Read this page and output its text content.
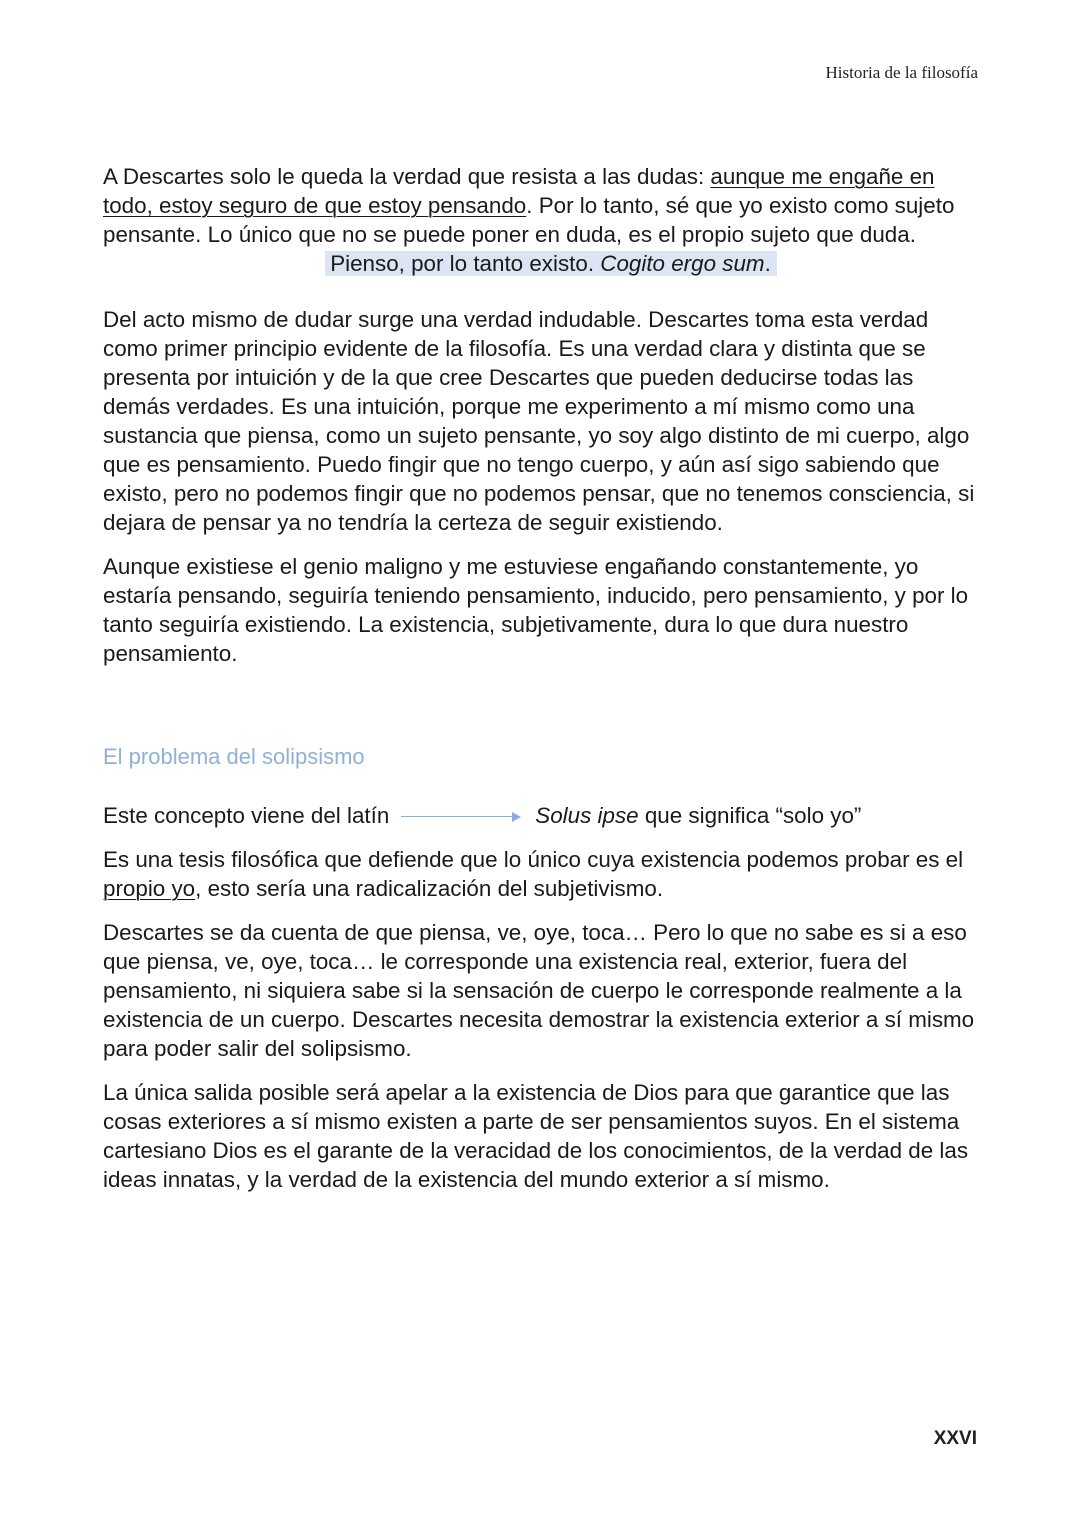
Historia de la filosofía

A Descartes solo le queda la verdad que resista a las dudas: aunque me engañe en todo, estoy seguro de que estoy pensando. Por lo tanto, sé que yo existo como sujeto pensante. Lo único que no se puede poner en duda, es el propio sujeto que duda.

Pienso, por lo tanto existo. Cogito ergo sum.

Del acto mismo de dudar surge una verdad indudable. Descartes toma esta verdad como primer principio evidente de la filosofía. Es una verdad clara y distinta que se presenta por intuición y de la que cree Descartes que pueden deducirse todas las demás verdades. Es una intuición, porque me experimento a mí mismo como una sustancia que piensa, como un sujeto pensante, yo soy algo distinto de mi cuerpo, algo que es pensamiento. Puedo fingir que no tengo cuerpo, y aún así sigo sabiendo que existo, pero no podemos fingir que no podemos pensar, que no tenemos consciencia, si dejara de pensar ya no tendría la certeza de seguir existiendo.

Aunque existiese el genio maligno y me estuviese engañando constantemente, yo estaría pensando, seguiría teniendo pensamiento, inducido, pero pensamiento, y por lo tanto seguiría existiendo. La existencia, subjetivamente, dura lo que dura nuestro pensamiento.

El problema del solipsismo

Este concepto viene del latín	Solus ipse que significa “solo yo”

Es una tesis filosófica que defiende que lo único cuya existencia podemos probar es el propio yo, esto sería una radicalización del subjetivismo.

Descartes se da cuenta de que piensa, ve, oye, toca… Pero lo que no sabe es si a eso que piensa, ve, oye, toca… le corresponde una existencia real, exterior, fuera del pensamiento, ni siquiera sabe si la sensación de cuerpo le corresponde realmente a la existencia de un cuerpo. Descartes necesita demostrar la existencia exterior a sí mismo para poder salir del solipsismo.

La única salida posible será apelar a la existencia de Dios para que garantice que las cosas exteriores a sí mismo existen a parte de ser pensamientos suyos. En el sistema cartesiano Dios es el garante de la veracidad de los conocimientos, de la verdad de las ideas innatas, y la verdad de la existencia del mundo exterior a sí mismo.

XXVI
